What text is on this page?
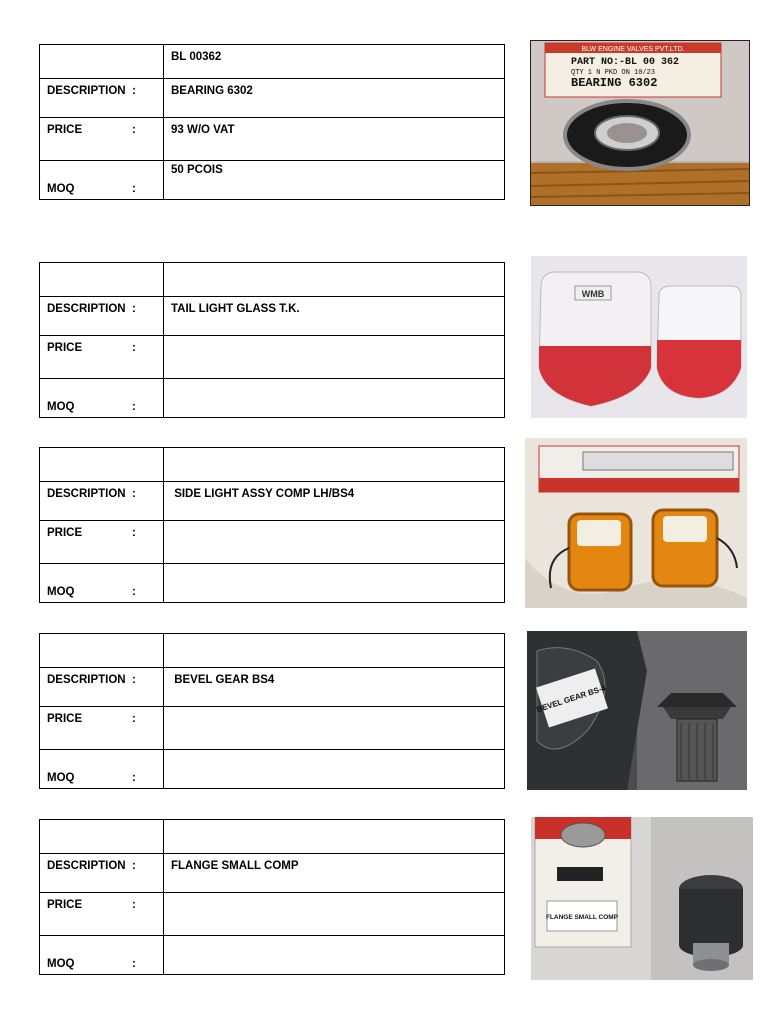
	BL 00362

DESCRIPTION :	BEARING 6302

PRICE :	93 W/O VAT

MOQ :	50 PCOIS
BLW ENGINE VALVES PVT.LTD.
PART NO:-BL 00 362
QTY 1 N PKD ON 10/23
BEARING 6302

DESCRIPTION :	TAIL LIGHT GLASS T.K.

PRICE :	

MOQ :	

WMB

DESCRIPTION :	SIDE LIGHT ASSY COMP LH/BS4

PRICE :	

MOQ :	

DESCRIPTION :	BEVEL GEAR BS4

PRICE :	

MOQ :	

BEVEL GEAR BS-4

DESCRIPTION :	FLANGE SMALL COMP

PRICE :	

MOQ :	

FLANGE SMALL COMP
